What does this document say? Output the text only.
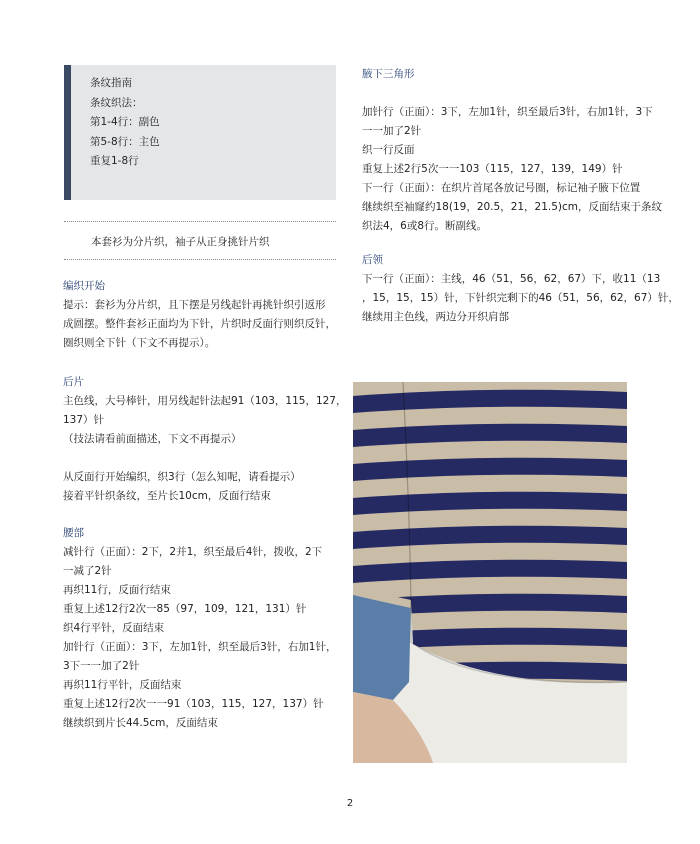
条纹指南

条纹织法：

第1-4行：副色

第5-8行：主色

重复1-8行

本套衫为分片织，袖子从正身挑针片织

编织开始

提示：套衫为分片织，且下摆是另线起针再挑针织引返形

成圆摆。整件套衫正面均为下针，片织时反面行则织反针，

圈织则全下针（下文不再提示）。

后片

主色线，大号棒针，用另线起针法起91（103，115，127，

137）针

（技法请看前面描述，下文不再提示）

从反面行开始编织，织3行（怎么知呢，请看提示）

接着平针织条纹，至片长10cm，反面行结束

腰部

减针行（正面）：2下，2并1，织至最后4针，拨收，2下

一减了2针

再织11行，反面行结束

重复上述12行2次一85（97，109，121，131）针

织4行平针，反面结束

加针行（正面）：3下，左加1针，织至最后3针，右加1针，

3下一一加了2针

再织11行平针，反面结束

重复上述12行2次一一91（103，115，127，137）针

继续织到片长44.5cm，反面结束

腋下三角形

加针行（正面）：3下，左加1针，织至最后3针，右加1针，3下

一一加了2针

织一行反面

重复上述2行5次一一103（115，127，139，149）针

下一行（正面）：在织片首尾各放记号圈，标记袖子腋下位置

继续织至袖窿约18(19，20.5，21，21.5)cm，反面结束于条纹

织法4，6或8行。断副线。

后领

下一行（正面）：主线，46（51，56，62，67）下，收11（13

，15，15，15）针，下针织完剩下的46（51，56，62，67）针，

继续用主色线，两边分开织肩部

2
